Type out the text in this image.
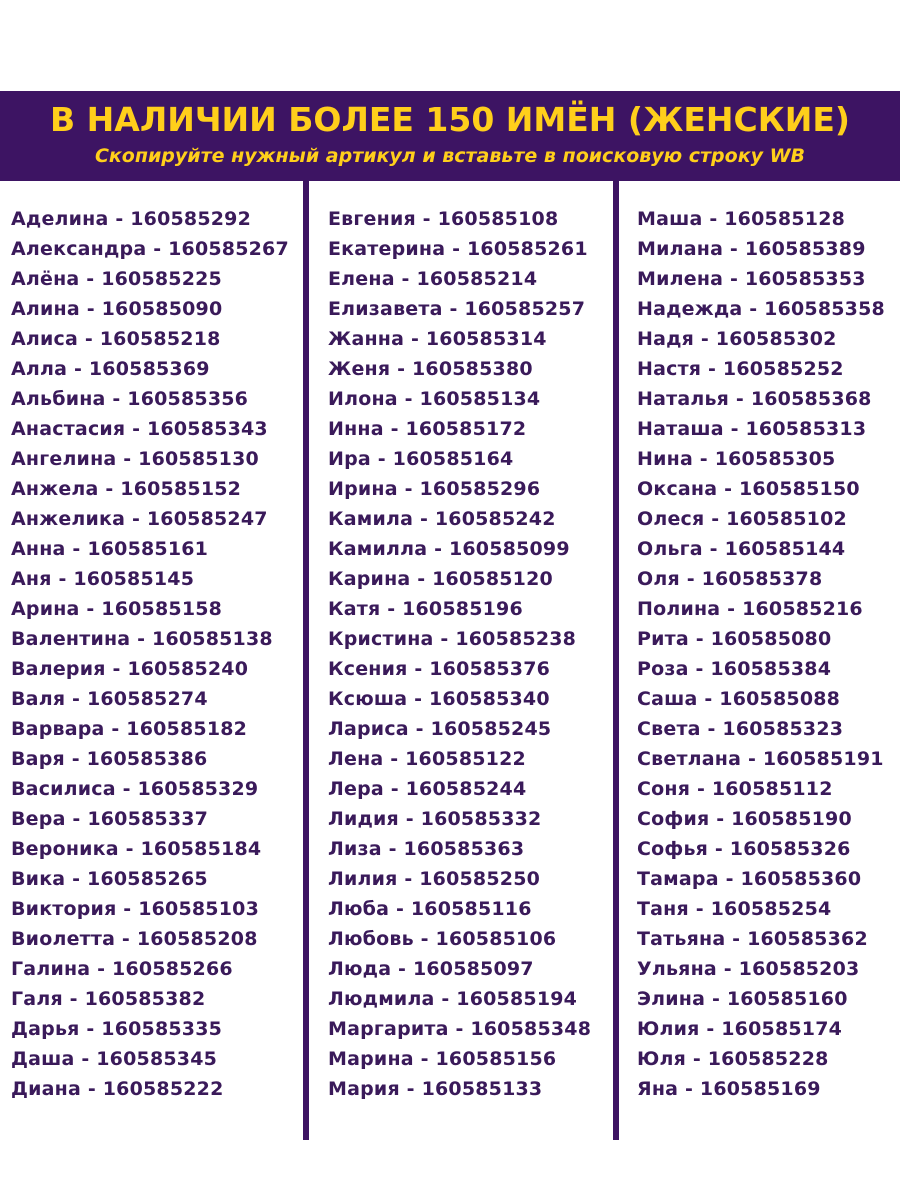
В НАЛИЧИИ БОЛЕЕ 150 ИМЁН (ЖЕНСКИЕ)
Скопируйте нужный артикул и вставьте в поисковую строку WB
Аделина - 160585292
Александра - 160585267
Алёна - 160585225
Алина - 160585090
Алиса - 160585218
Алла - 160585369
Альбина - 160585356
Анастасия - 160585343
Ангелина - 160585130
Анжела - 160585152
Анжелика - 160585247
Анна - 160585161
Аня - 160585145
Арина - 160585158
Валентина - 160585138
Валерия - 160585240
Валя - 160585274
Варвара - 160585182
Варя - 160585386
Василиса - 160585329
Вера - 160585337
Вероника - 160585184
Вика - 160585265
Виктория - 160585103
Виолетта - 160585208
Галина - 160585266
Галя - 160585382
Дарья - 160585335
Даша - 160585345
Диана - 160585222
Евгения - 160585108
Екатерина - 160585261
Елена - 160585214
Елизавета - 160585257
Жанна - 160585314
Женя - 160585380
Илона - 160585134
Инна - 160585172
Ира - 160585164
Ирина - 160585296
Камила - 160585242
Камилла - 160585099
Карина - 160585120
Катя - 160585196
Кристина - 160585238
Ксения - 160585376
Ксюша - 160585340
Лариса - 160585245
Лена - 160585122
Лера - 160585244
Лидия - 160585332
Лиза - 160585363
Лилия - 160585250
Люба - 160585116
Любовь - 160585106
Люда - 160585097
Людмила - 160585194
Маргарита - 160585348
Марина - 160585156
Мария - 160585133
Маша - 160585128
Милана - 160585389
Милена - 160585353
Надежда - 160585358
Надя - 160585302
Настя - 160585252
Наталья - 160585368
Наташа - 160585313
Нина - 160585305
Оксана - 160585150
Олеся - 160585102
Ольга - 160585144
Оля - 160585378
Полина - 160585216
Рита - 160585080
Роза - 160585384
Саша - 160585088
Света - 160585323
Светлана - 160585191
Соня - 160585112
София - 160585190
Софья - 160585326
Тамара - 160585360
Таня - 160585254
Татьяна - 160585362
Ульяна - 160585203
Элина - 160585160
Юлия - 160585174
Юля - 160585228
Яна - 160585169
